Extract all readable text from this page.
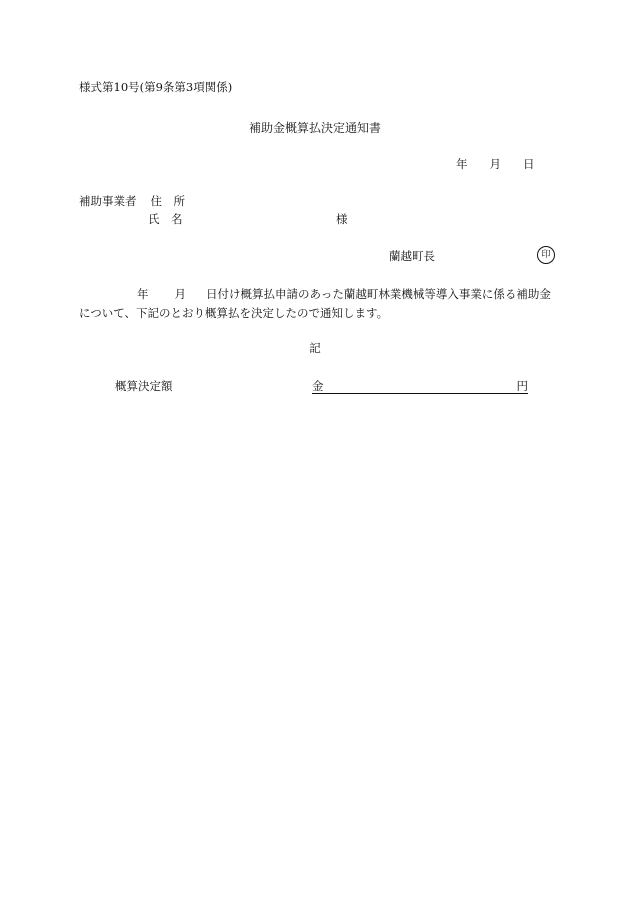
様式第10号(第9条第3項関係)
補助金概算払決定通知書
年 月 日
補助事業者 住　所
氏　名	様
蘭越町長	印
年 月 日付け概算払申請のあった蘭越町林業機械等導入事業に係る補助金について、下記のとおり概算払を決定したので通知します。
記
概算決定額	金	円
